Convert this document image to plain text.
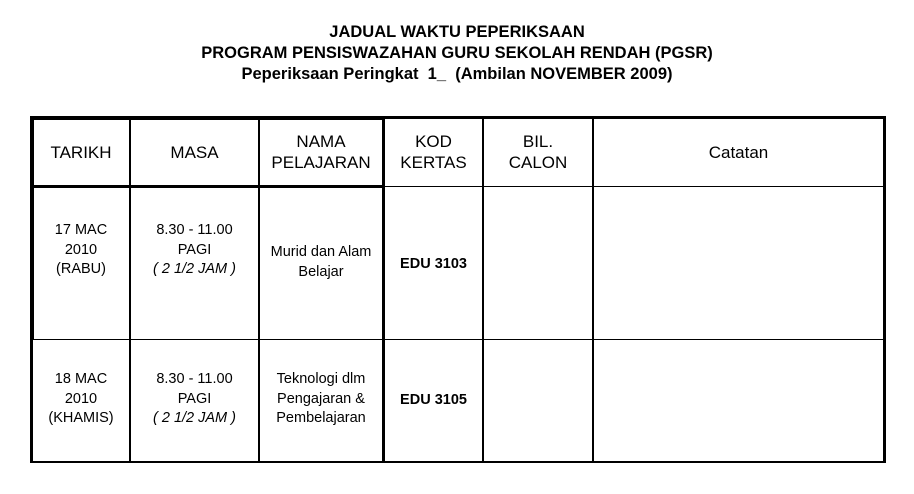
JADUAL WAKTU PEPERIKSAAN
PROGRAM PENSISWAZAHAN GURU SEKOLAH RENDAH (PGSR)
Peperiksaan Peringkat  1_  (Ambilan NOVEMBER 2009)
TARIKH	MASA
NAMA
PELAJARAN
KOD
KERTAS
BIL.
CALON
Catatan
17 MAC
2010
(RABU)
8.30 - 11.00
PAGI
( 2 1/2 JAM )
Murid dan Alam
Belajar	EDU 3103
18 MAC
2010
(KHAMIS)
8.30 - 11.00
PAGI
( 2 1/2 JAM )
Teknologi dlm
Pengajaran &
Pembelajaran
EDU 3105
